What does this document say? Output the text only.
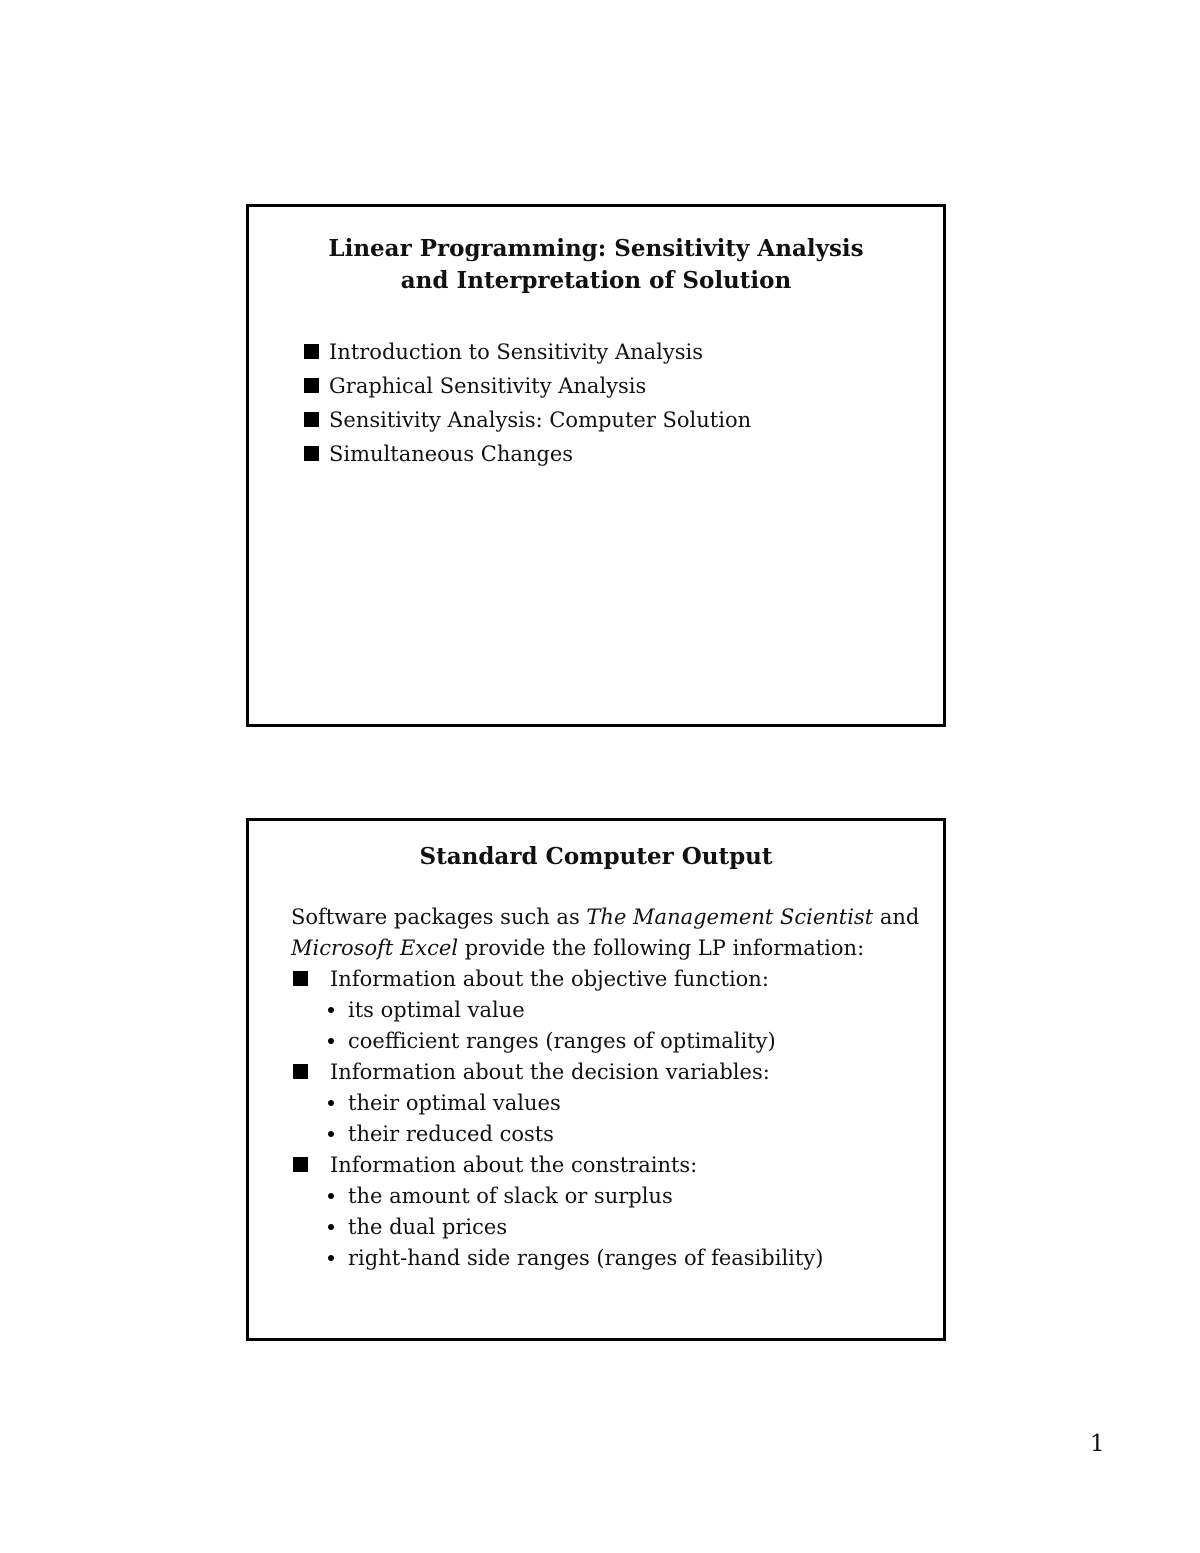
Linear Programming: Sensitivity Analysis
and Interpretation of Solution
Introduction to Sensitivity Analysis
Graphical Sensitivity Analysis
Sensitivity Analysis: Computer Solution
Simultaneous Changes
Standard Computer Output
Software packages such as The Management Scientist and
Microsoft Excel provide the following LP information:
Information about the objective function:
its optimal value
coefficient ranges (ranges of optimality)
Information about the decision variables:
their optimal values
their reduced costs
Information about the constraints:
the amount of slack or surplus
the dual prices
right-hand side ranges (ranges of feasibility)
1
